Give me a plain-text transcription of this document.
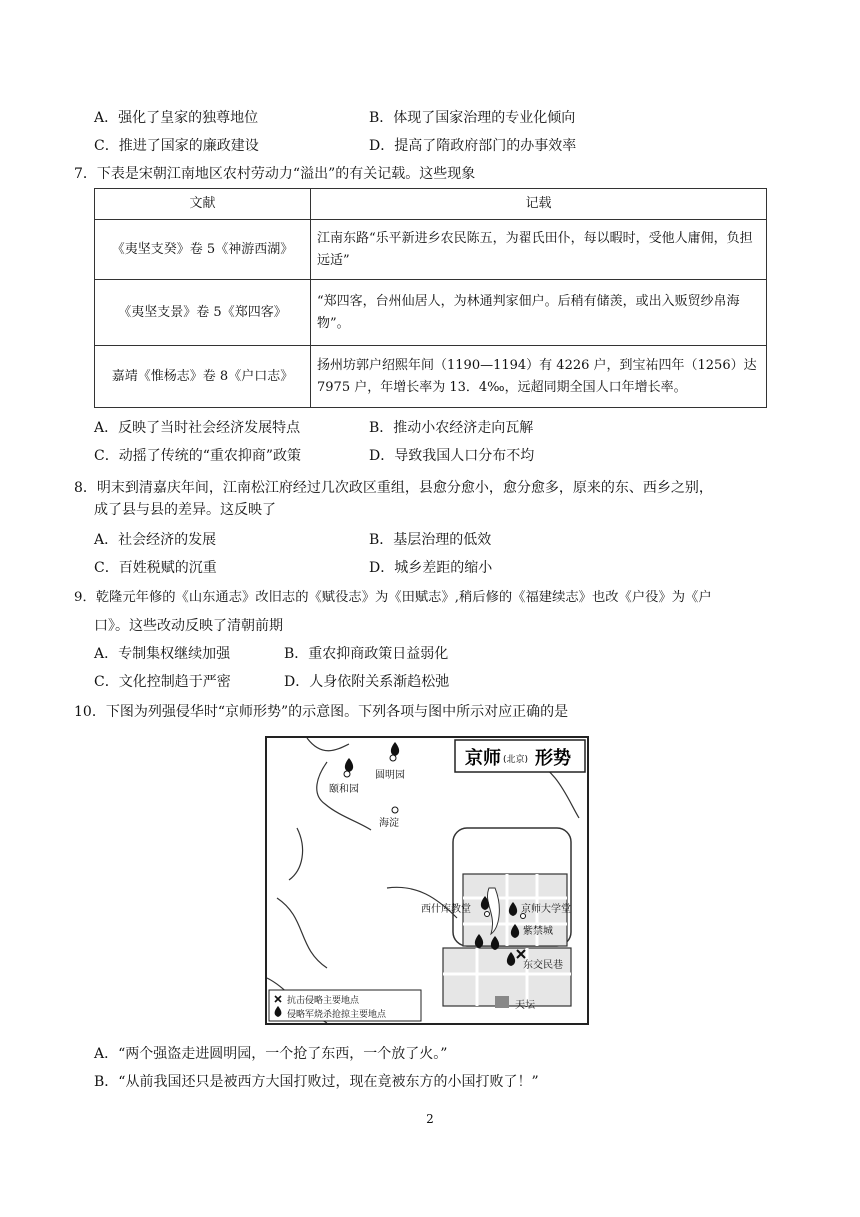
A．强化了皇家的独尊地位	B．体现了国家治理的专业化倾向
C．推进了国家的廉政建设	D．提高了隋政府部门的办事效率
7．下表是宋朝江南地区农村劳动力“溢出”的有关记载。这些现象
文献	记载
《夷坚支癸》卷 5《神游西湖》	江南东路“乐平新进乡农民陈五，为翟氏田仆，每以暇时，受他人庸佣，负担远适”
《夷坚支景》卷 5《郑四客》	“郑四客，台州仙居人，为林通判家佃户。后稍有储羡，或出入贩贸纱帛海物”。
嘉靖《惟杨志》卷 8《户口志》	扬州坊郭户绍熙年间（1190—1194）有 4226 户，到宝祐四年（1256）达 7975 户，年增长率为 13．4‰，远超同期全国人口年增长率。
A．反映了当时社会经济发展特点	B．推动小农经济走向瓦解
C．动摇了传统的“重农抑商”政策	D．导致我国人口分布不均
8．明末到清嘉庆年间，江南松江府经过几次政区重组，县愈分愈小，愈分愈多，原来的东、西乡之别，
成了县与县的差异。这反映了
A．社会经济的发展	B．基层治理的低效
C．百姓税赋的沉重	D．城乡差距的缩小
9．乾隆元年修的《山东通志》改旧志的《赋役志》为《田赋志》,稍后修的《福建续志》也改《户役》为《户
口》。这些改动反映了清朝前期
A．专制集权继续加强	B．重农抑商政策日益弱化
C．文化控制趋于严密	D．人身依附关系渐趋松弛
10．下图为列强侵华时“京师形势”的示意图。下列各项与图中所示对应正确的是
京师 (北京) 形势
圆明园
颐和园
海淀
西什库教堂	京师大学堂
紫禁城
东交民巷
天坛
抗击侵略主要地点
侵略军烧杀抢掠主要地点
A．“两个强盗走进圆明园，一个抢了东西，一个放了火。”
B．“从前我国还只是被西方大国打败过，现在竟被东方的小国打败了！”
2
